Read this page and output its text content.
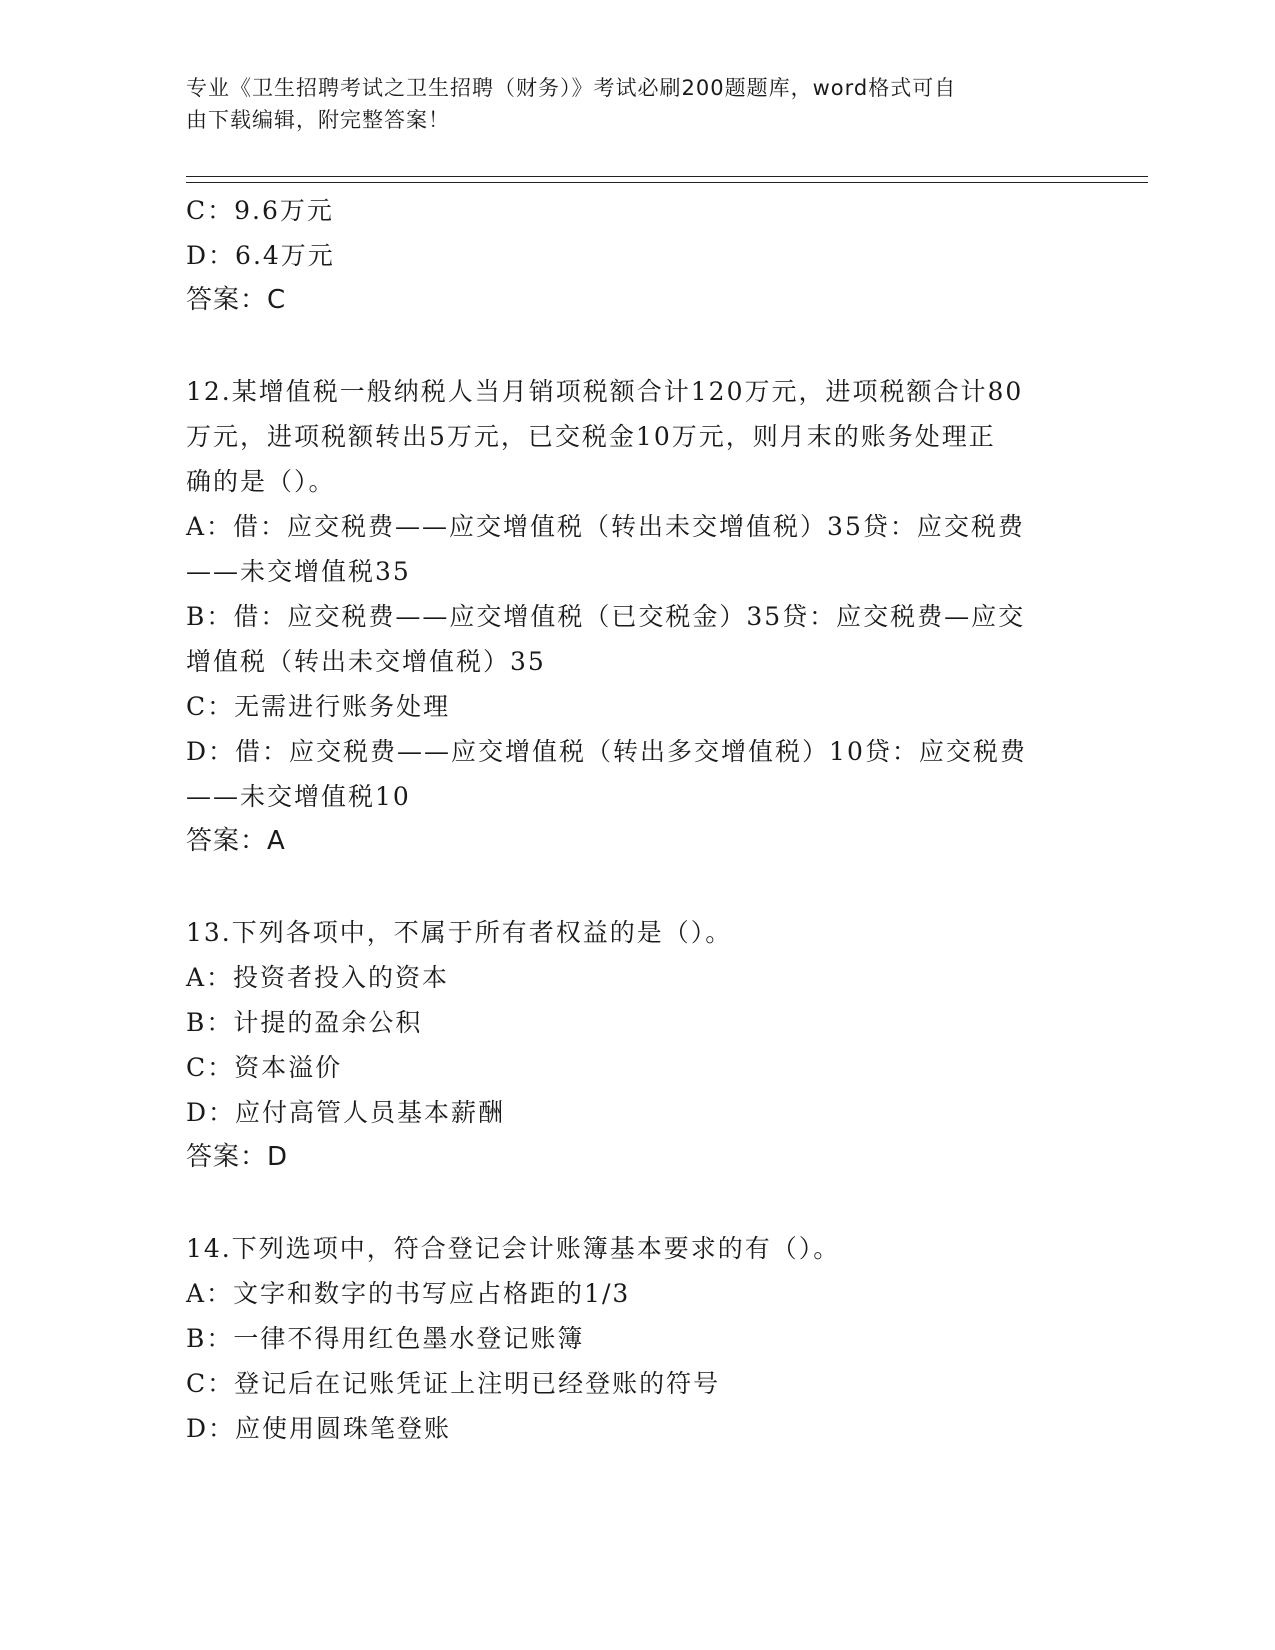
专业《卫生招聘考试之卫生招聘（财务）》考试必刷200题题库，word格式可自
由下载编辑，附完整答案！
C：9.6万元
D：6.4万元
答案：C
12.某增值税一般纳税人当月销项税额合计120万元，进项税额合计80
万元，进项税额转出5万元，已交税金10万元，则月末的账务处理正
确的是（）。
A：借：应交税费——应交增值税（转出未交增值税）35贷：应交税费
——未交增值税35
B：借：应交税费——应交增值税（已交税金）35贷：应交税费—应交
增值税（转出未交增值税）35
C：无需进行账务处理
D：借：应交税费——应交增值税（转出多交增值税）10贷：应交税费
——未交增值税10
答案：A
13.下列各项中，不属于所有者权益的是（）。
A：投资者投入的资本
B：计提的盈余公积
C：资本溢价
D：应付高管人员基本薪酬
答案：D
14.下列选项中，符合登记会计账簿基本要求的有（）。
A：文字和数字的书写应占格距的1/3
B：一律不得用红色墨水登记账簿
C：登记后在记账凭证上注明已经登账的符号
D：应使用圆珠笔登账
